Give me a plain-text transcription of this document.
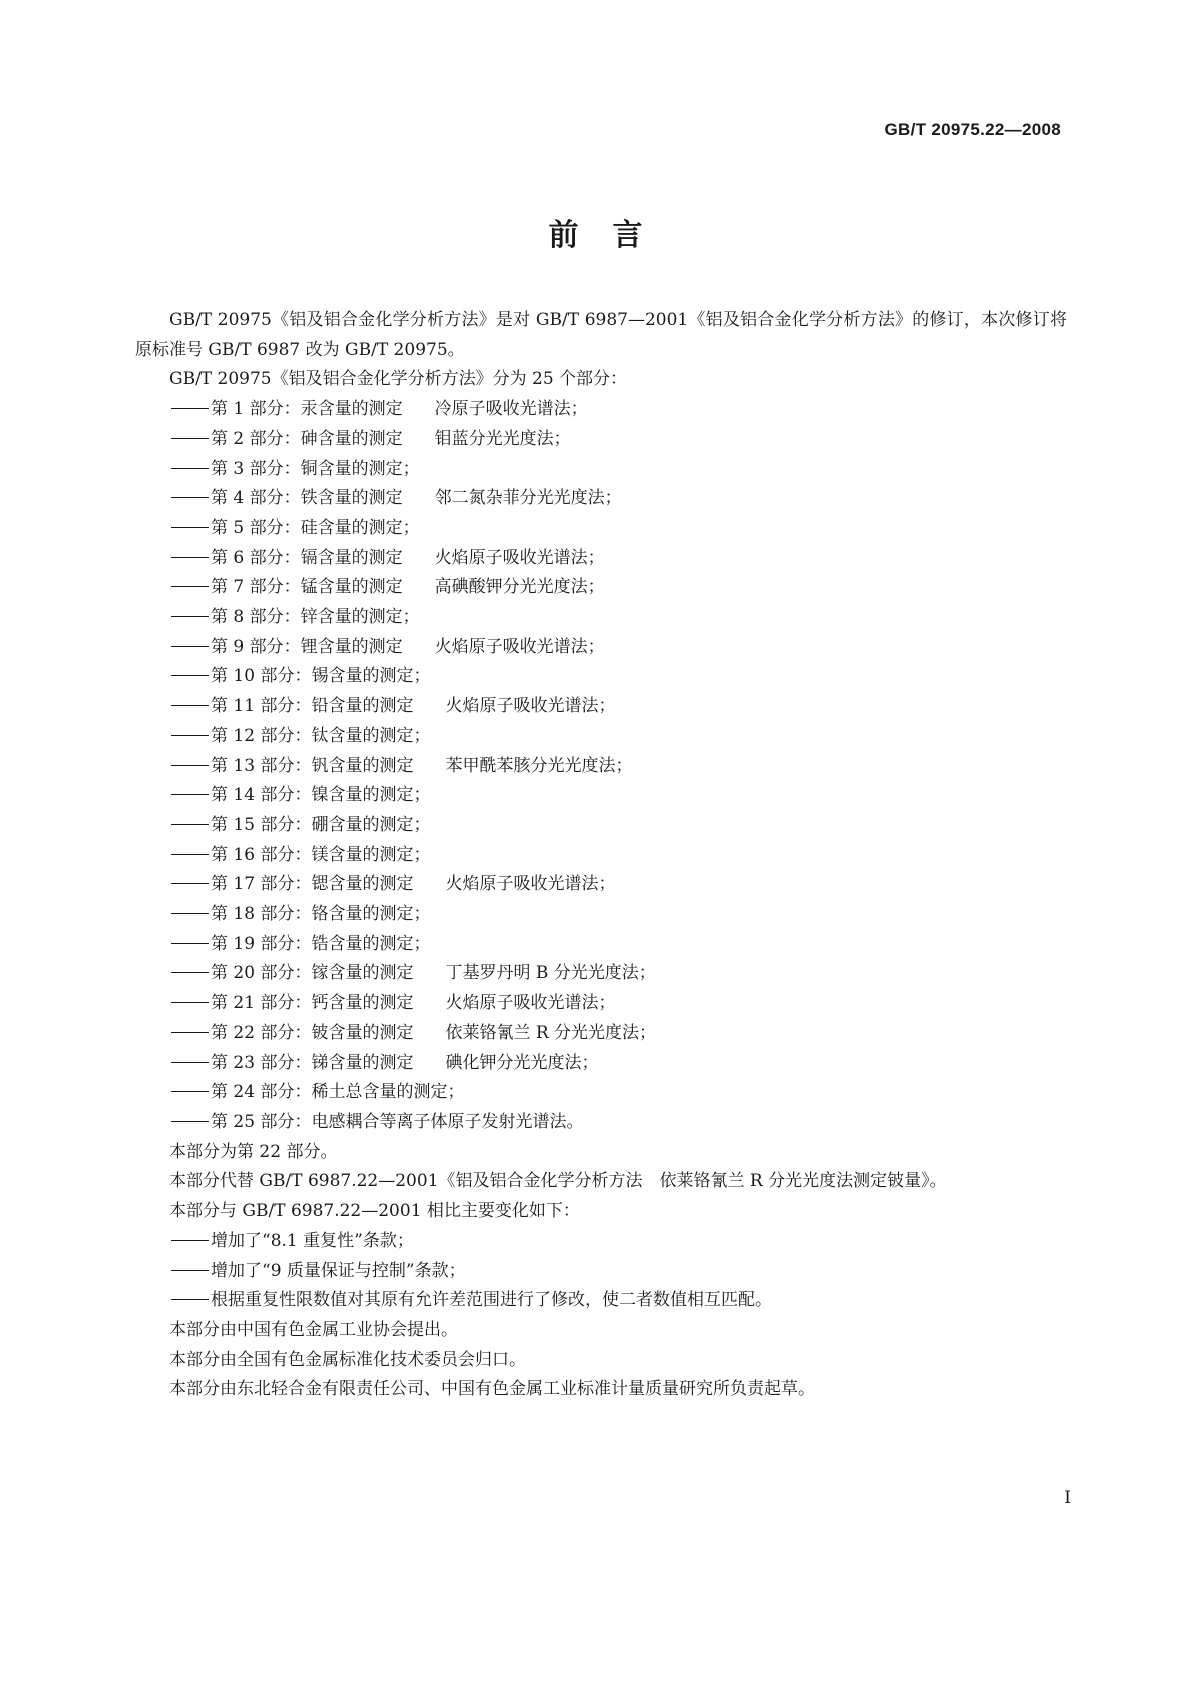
GB/T 20975.22—2008
前言

GB/T 20975《铝及铝合金化学分析方法》是对 GB/T 6987—2001《铝及铝合金化学分析方法》的修订，本次修订将原标准号 GB/T 6987 改为 GB/T 20975。

GB/T 20975《铝及铝合金化学分析方法》分为 25 个部分：

第 1 部分：汞含量的测定 冷原子吸收光谱法；

第 2 部分：砷含量的测定 钼蓝分光光度法；

第 3 部分：铜含量的测定；

第 4 部分：铁含量的测定 邻二氮杂菲分光光度法；

第 5 部分：硅含量的测定；

第 6 部分：镉含量的测定 火焰原子吸收光谱法；

第 7 部分：锰含量的测定 高碘酸钾分光光度法；

第 8 部分：锌含量的测定；

第 9 部分：锂含量的测定 火焰原子吸收光谱法；

第 10 部分：锡含量的测定；

第 11 部分：铅含量的测定 火焰原子吸收光谱法；

第 12 部分：钛含量的测定；

第 13 部分：钒含量的测定 苯甲酰苯胲分光光度法；

第 14 部分：镍含量的测定；

第 15 部分：硼含量的测定；

第 16 部分：镁含量的测定；

第 17 部分：锶含量的测定 火焰原子吸收光谱法；

第 18 部分：铬含量的测定；

第 19 部分：锆含量的测定；

第 20 部分：镓含量的测定 丁基罗丹明 B 分光光度法；

第 21 部分：钙含量的测定 火焰原子吸收光谱法；

第 22 部分：铍含量的测定 依莱铬氰兰 R 分光光度法；

第 23 部分：锑含量的测定 碘化钾分光光度法；

第 24 部分：稀土总含量的测定；

第 25 部分：电感耦合等离子体原子发射光谱法。

本部分为第 22 部分。

本部分代替 GB/T 6987.22—2001《铝及铝合金化学分析方法　依莱铬氰兰 R 分光光度法测定铍量》。

本部分与 GB/T 6987.22—2001 相比主要变化如下：

增加了“8.1 重复性”条款；

增加了“9 质量保证与控制”条款；

根据重复性限数值对其原有允许差范围进行了修改，使二者数值相互匹配。

本部分由中国有色金属工业协会提出。

本部分由全国有色金属标准化技术委员会归口。

本部分由东北轻合金有限责任公司、中国有色金属工业标准计量质量研究所负责起草。

I
